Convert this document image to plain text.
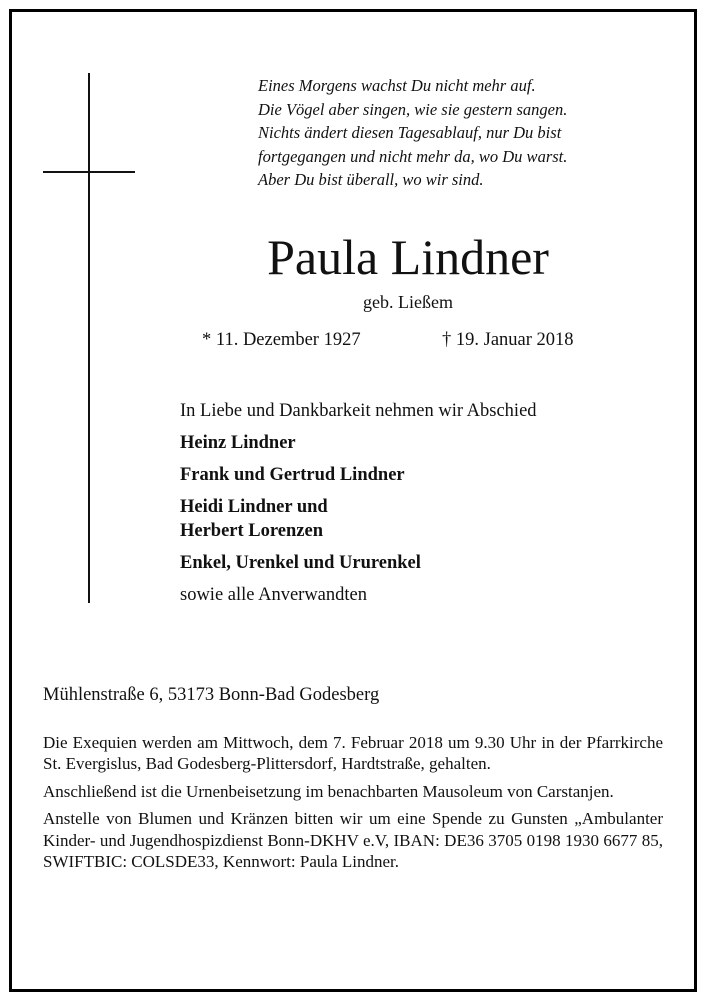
Eines Morgens wachst Du nicht mehr auf.
Die Vögel aber singen, wie sie gestern sangen.
Nichts ändert diesen Tagesablauf, nur Du bist
fortgegangen und nicht mehr da, wo Du warst.
Aber Du bist überall, wo wir sind.
Paula Lindner
geb. Ließem
* 11. Dezember 1927	† 19. Januar 2018
In Liebe und Dankbarkeit nehmen wir Abschied
Heinz Lindner
Frank und Gertrud Lindner
Heidi Lindner und
Herbert Lorenzen
Enkel, Urenkel und Ururenkel
sowie alle Anverwandten
Mühlenstraße 6, 53173 Bonn-Bad Godesberg

Die Exequien werden am Mittwoch, dem 7. Februar 2018 um 9.30 Uhr in der Pfarrkirche St. Evergislus, Bad Godesberg-Plittersdorf, Hardtstraße, gehalten.

Anschließend ist die Urnenbeisetzung im benachbarten Mausoleum von Carstanjen.

Anstelle von Blumen und Kränzen bitten wir um eine Spende zu Gunsten „Ambulanter Kinder- und Jugendhospizdienst Bonn-DKHV e.V, IBAN: DE36 3705 0198 1930 6677 85, SWIFTBIC: COLSDE33, Kennwort: Paula Lindner.
